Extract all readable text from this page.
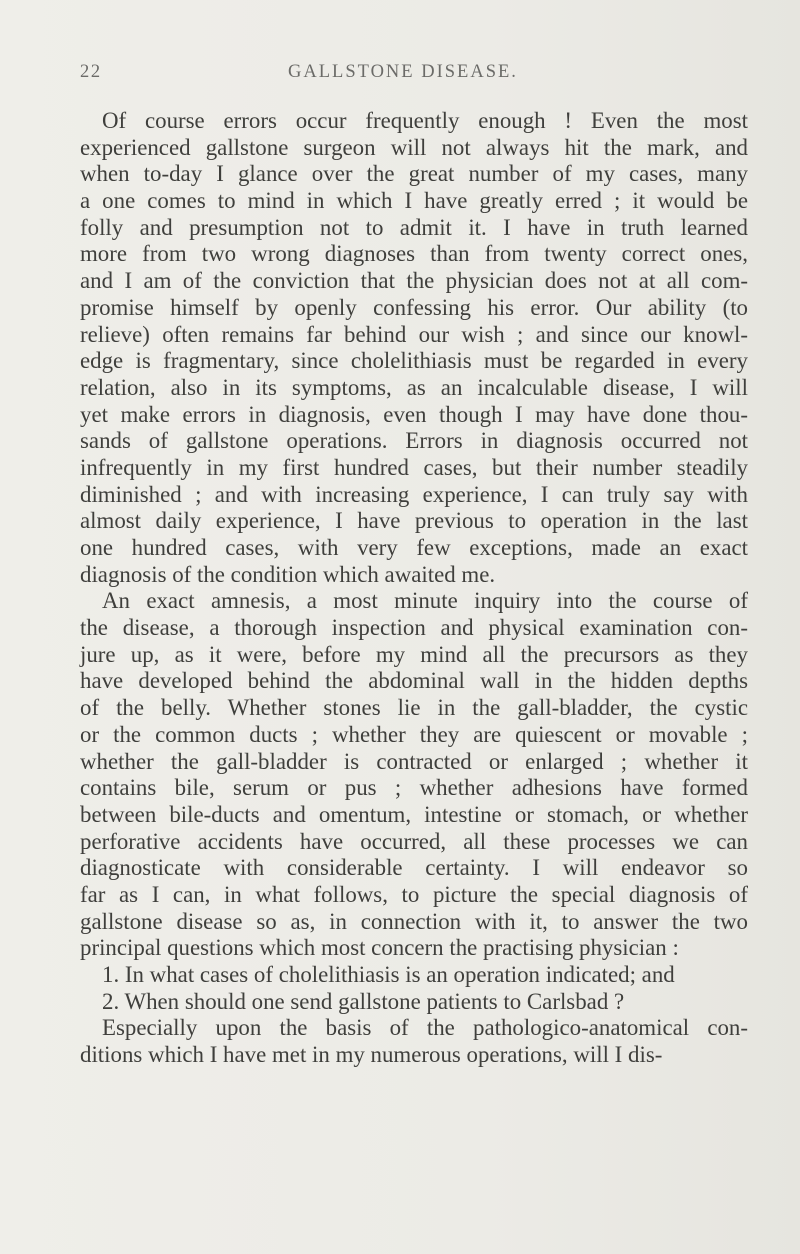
22	GALLSTONE DISEASE.
Of course errors occur frequently enough ! Even the most
experienced gallstone surgeon will not always hit the mark, and
when to-day I glance over the great number of my cases, many
a one comes to mind in which I have greatly erred ; it would be
folly and presumption not to admit it. I have in truth learned
more from two wrong diagnoses than from twenty correct ones,
and I am of the conviction that the physician does not at all com-
promise himself by openly confessing his error. Our ability (to
relieve) often remains far behind our wish ; and since our knowl-
edge is fragmentary, since cholelithiasis must be regarded in every
relation, also in its symptoms, as an incalculable disease, I will
yet make errors in diagnosis, even though I may have done thou-
sands of gallstone operations. Errors in diagnosis occurred not
infrequently in my first hundred cases, but their number steadily
diminished ; and with increasing experience, I can truly say with
almost daily experience, I have previous to operation in the last
one hundred cases, with very few exceptions, made an exact
diagnosis of the condition which awaited me.
An exact amnesis, a most minute inquiry into the course of
the disease, a thorough inspection and physical examination con-
jure up, as it were, before my mind all the precursors as they
have developed behind the abdominal wall in the hidden depths
of the belly. Whether stones lie in the gall-bladder, the cystic
or the common ducts ; whether they are quiescent or movable ;
whether the gall-bladder is contracted or enlarged ; whether it
contains bile, serum or pus ; whether adhesions have formed
between bile-ducts and omentum, intestine or stomach, or whether
perforative accidents have occurred, all these processes we can
diagnosticate with considerable certainty. I will endeavor so
far as I can, in what follows, to picture the special diagnosis of
gallstone disease so as, in connection with it, to answer the two
principal questions which most concern the practising physician :
1. In what cases of cholelithiasis is an operation indicated; and
2. When should one send gallstone patients to Carlsbad ?
Especially upon the basis of the pathologico-anatomical con-
ditions which I have met in my numerous operations, will I dis-
